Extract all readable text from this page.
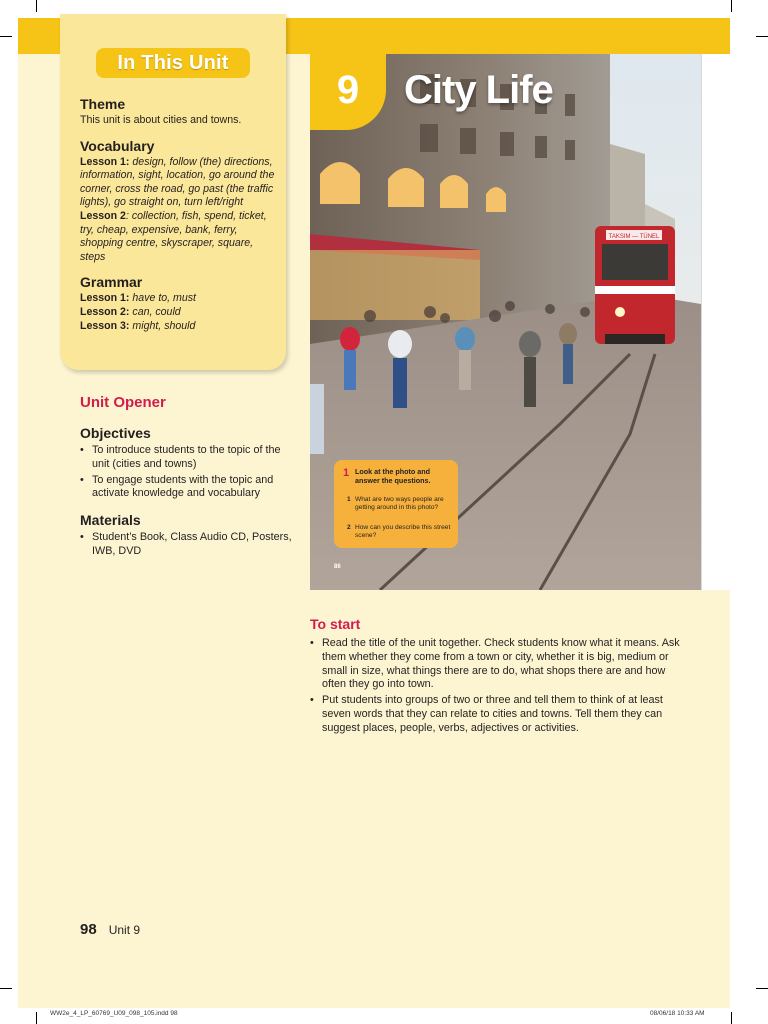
In This Unit

Theme

This unit is about cities and towns.

Vocabulary

Lesson 1: design, follow (the) directions, information, sight, location, go around the corner, cross the road, go past (the traffic lights), go straight on, turn left/right

Lesson 2: collection, fish, spend, ticket, try, cheap, expensive, bank, ferry, shopping centre, skyscraper, square, steps

Grammar

Lesson 1: have to, must

Lesson 2: can, could

Lesson 3: might, should

Unit Opener

Objectives

• To introduce students to the topic of the unit (cities and towns)
• To engage students with the topic and activate knowledge and vocabulary

Materials

• Student’s Book, Class Audio CD, Posters, IWB, DVD
TAKSIM — TÜNEL
9	City Life
1 Look at the photo and answer the questions.
1 What are two ways people are getting around in this photo?
2 How can you describe this street scene?
86
To start
• Read the title of the unit together. Check students know what it means. Ask them whether they come from a town or city, whether it is big, medium or small in size, what things there are to do, what shops there are and how often they go into town.
• Put students into groups of two or three and tell them to think of at least seven words that they can relate to cities and towns. Tell them they can suggest places, people, verbs, adjectives or activities.
98 Unit 9
WW2e_4_LP_60769_U09_098_105.indd 98	08/06/18 10:33 AM
